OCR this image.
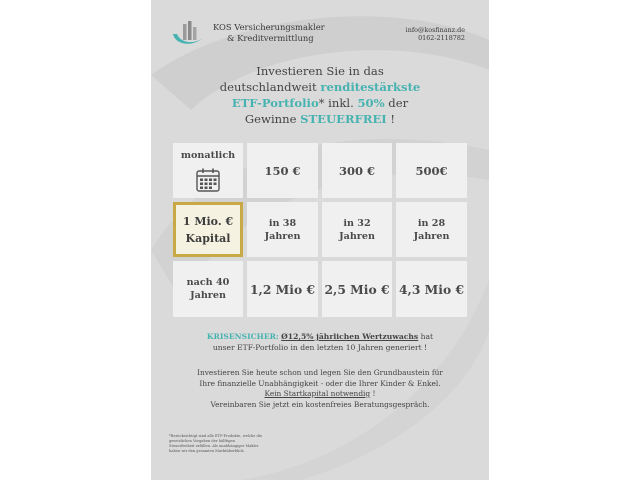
KOS Versicherungsmakler
& Kreditvermittlung
info@kosfinanz.de
0162-2118782
Investieren Sie in das
deutschlandweit renditestärkste
ETF-Portfolio* inkl. 50% der
Gewinne STEUERFREI !
monatlich
150 €	300 €	500€
1 Mio. €
Kapital
in 38
Jahren
in 32
Jahren
in 28
Jahren
nach 40
Jahren 1,2 Mio € 2,5 Mio € 4,3 Mio €
KRISENSICHER: Ø12,5% jährlichen Wertzuwachs hat
unser ETF-Portfolio in den letzten 10 Jahren generiert !
Investieren Sie heute schon und legen Sie den Grundbaustein für
Ihre finanzielle Unabhängigkeit - oder die Ihrer Kinder & Enkel.
Kein Startkapital notwendig !
Vereinbaren Sie jetzt ein kostenfreies Beratungsgespräch.
*Berücksichtigt sind alle ETF-Produkte, welche die
gesetzlichen Vorgaben der hälftigen
Steuerfreiheit erfüllen. Als unabhängiger Makler
haben wir den gesamten Marktüberblick.
